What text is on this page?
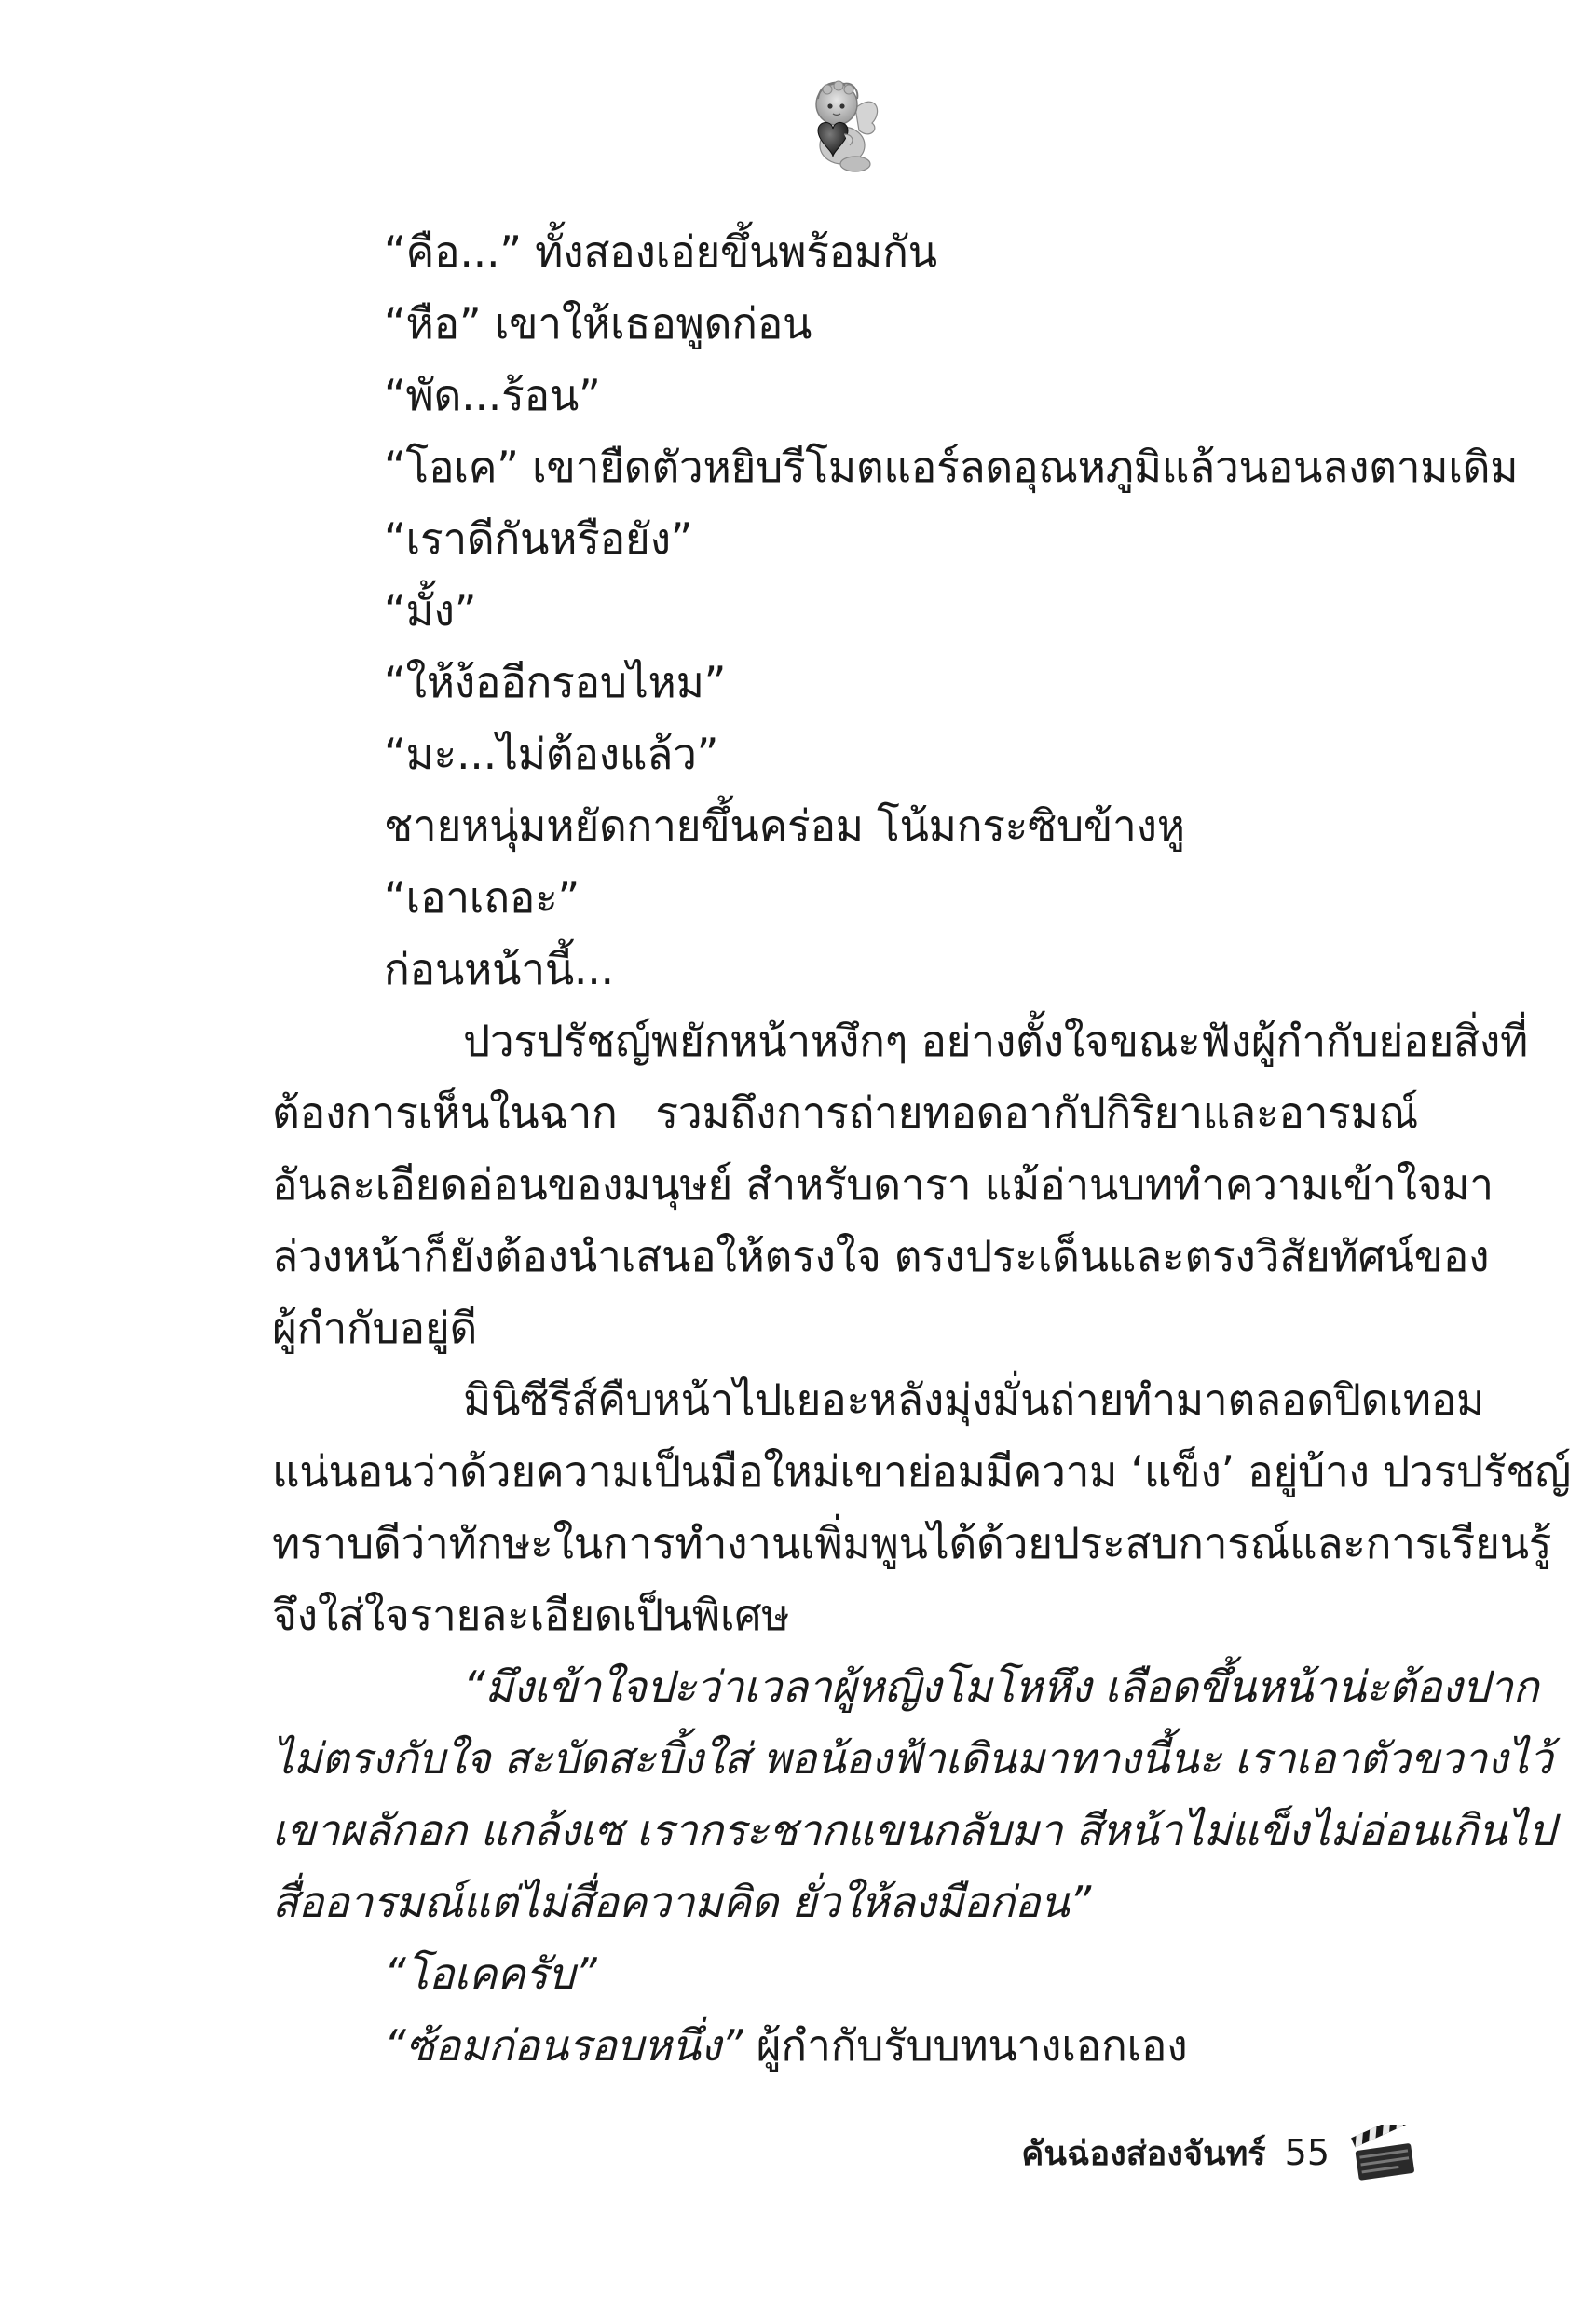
“คือ...” ทั้งสองเอ่ยขึ้นพร้อมกัน
“หือ” เขาให้เธอพูดก่อน
“พัด...ร้อน”
“โอเค” เขายืดตัวหยิบรีโมตแอร์ลดอุณหภูมิแล้วนอนลงตามเดิม
“เราดีกันหรือยัง”
“มั้ง”
“ให้ง้ออีกรอบไหม”
“มะ...ไม่ต้องแล้ว”
ชายหนุ่มหยัดกายขึ้นคร่อม โน้มกระซิบข้างหู
“เอาเถอะ”
ก่อนหน้านี้...
ปวรปรัชญ์พยักหน้าหงึกๆ อย่างตั้งใจขณะฟังผู้กำกับย่อยสิ่งที่
ต้องการเห็นในฉาก รวมถึงการถ่ายทอดอากัปกิริยาและอารมณ์
อันละเอียดอ่อนของมนุษย์ สำหรับดารา แม้อ่านบททำความเข้าใจมา
ล่วงหน้าก็ยังต้องนำเสนอให้ตรงใจ ตรงประเด็นและตรงวิสัยทัศน์ของ
ผู้กำกับอยู่ดี
มินิซีรีส์คืบหน้าไปเยอะหลังมุ่งมั่นถ่ายทำมาตลอดปิดเทอม
แน่นอนว่าด้วยความเป็นมือใหม่เขาย่อมมีความ ‘แข็ง’ อยู่บ้าง ปวรปรัชญ์
ทราบดีว่าทักษะในการทำงานเพิ่มพูนได้ด้วยประสบการณ์และการเรียนรู้
จึงใส่ใจรายละเอียดเป็นพิเศษ
“มึงเข้าใจปะว่าเวลาผู้หญิงโมโหหึง เลือดขึ้นหน้าน่ะต้องปาก
ไม่ตรงกับใจ สะบัดสะบิ้งใส่ พอน้องฟ้าเดินมาทางนี้นะ เราเอาตัวขวางไว้
เขาผลักอก แกล้งเซ เรากระชากแขนกลับมา สีหน้าไม่แข็งไม่อ่อนเกินไป
สื่ออารมณ์แต่ไม่สื่อความคิด ยั่วให้ลงมือก่อน”
“โอเคครับ”
“ซ้อมก่อนรอบหนึ่ง” ผู้กำกับรับบทนางเอกเอง
คันฉ่องส่องจันทร์ 55
